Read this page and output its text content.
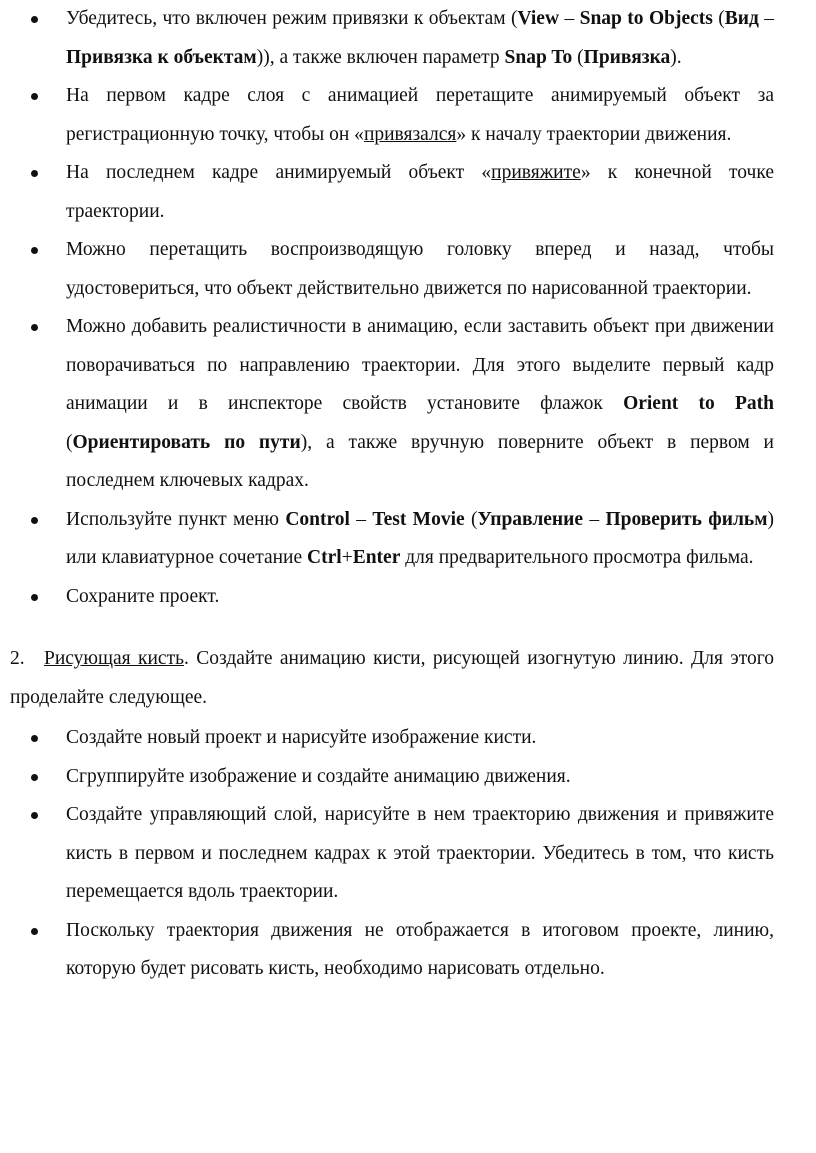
Убедитесь, что включен режим привязки к объектам (View – Snap to Objects (Вид – Привязка к объектам)), а также включен параметр Snap To (Привязка).
На первом кадре слоя с анимацией перетащите анимируемый объект за регистрационную точку, чтобы он «привязался» к началу траектории движения.
На последнем кадре анимируемый объект «привяжите» к конечной точке траектории.
Можно перетащить воспроизводящую головку вперед и назад, чтобы удостовериться, что объект действительно движется по нарисованной траектории.
Можно добавить реалистичности в анимацию, если заставить объект при движении поворачиваться по направлению траектории. Для этого выделите первый кадр анимации и в инспекторе свойств установите флажок Orient to Path (Ориентировать по пути), а также вручную поверните объект в первом и последнем ключевых кадрах.
Используйте пункт меню Control – Test Movie (Управление – Проверить фильм) или клавиатурное сочетание Ctrl+Enter для предварительного просмотра фильма.
Сохраните проект.

2. Рисующая кисть. Создайте анимацию кисти, рисующей изогнутую линию. Для этого проделайте следующее.

Создайте новый проект и нарисуйте изображение кисти.
Сгруппируйте изображение и создайте анимацию движения.
Создайте управляющий слой, нарисуйте в нем траекторию движения и привяжите кисть в первом и последнем кадрах к этой траектории. Убедитесь в том, что кисть перемещается вдоль траектории.
Поскольку траектория движения не отображается в итоговом проекте, линию, которую будет рисовать кисть, необходимо нарисовать отдельно.
